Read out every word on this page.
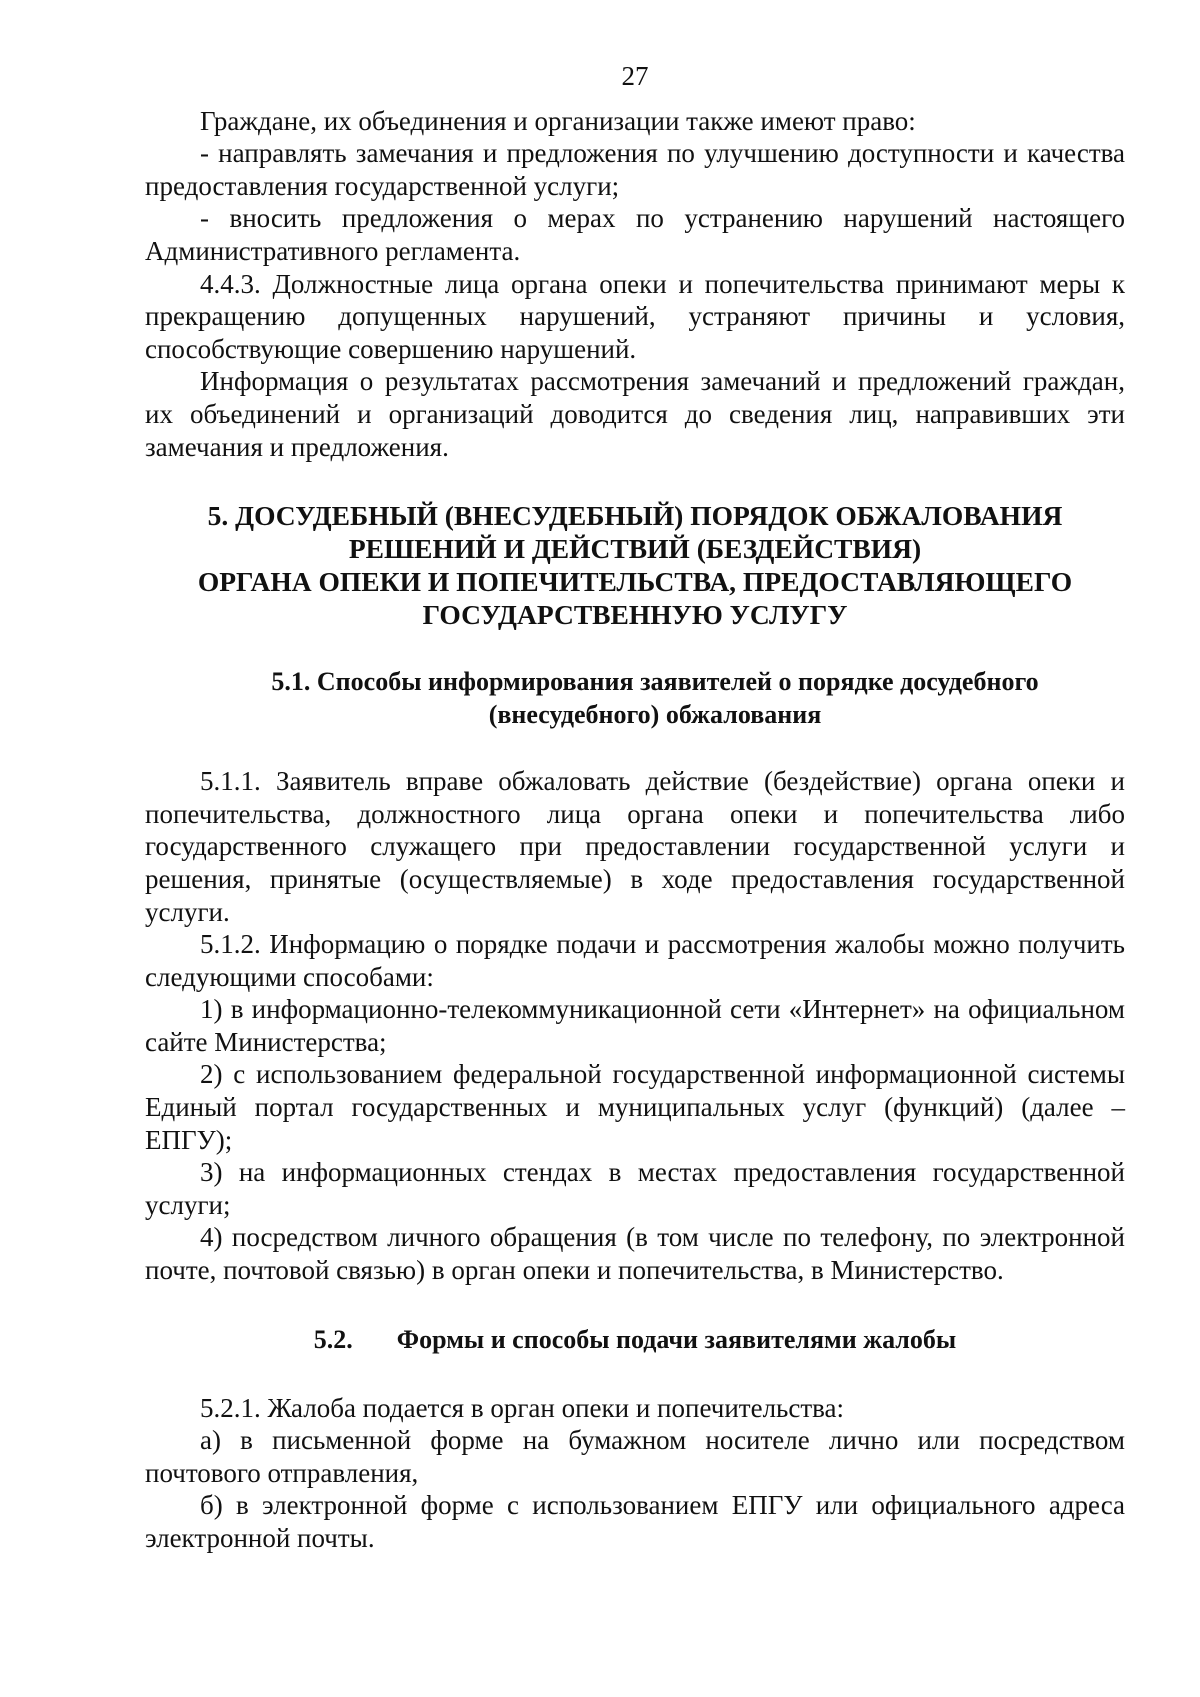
27

Граждане, их объединения и организации также имеют право:

- направлять замечания и предложения по улучшению доступности и качества предоставления государственной услуги;

- вносить предложения о мерах по устранению нарушений настоящего Административного регламента.

4.4.3. Должностные лица органа опеки и попечительства принимают меры к прекращению допущенных нарушений, устраняют причины и условия, способствующие совершению нарушений.

Информация о результатах рассмотрения замечаний и предложений граждан, их объединений и организаций доводится до сведения лиц, направивших эти замечания и предложения.

5. ДОСУДЕБНЫЙ (ВНЕСУДЕБНЫЙ) ПОРЯДОК ОБЖАЛОВАНИЯ
РЕШЕНИЙ И ДЕЙСТВИЙ (БЕЗДЕЙСТВИЯ)
ОРГАНА ОПЕКИ И ПОПЕЧИТЕЛЬСТВА, ПРЕДОСТАВЛЯЮЩЕГО
ГОСУДАРСТВЕННУЮ УСЛУГУ
5.1. Способы информирования заявителей о порядке досудебного
(внесудебного) обжалования

5.1.1. Заявитель вправе обжаловать действие (бездействие) органа опеки и попечительства, должностного лица органа опеки и попечительства либо государственного служащего при предоставлении государственной услуги и решения, принятые (осуществляемые) в ходе предоставления государственной услуги.

5.1.2. Информацию о порядке подачи и рассмотрения жалобы можно получить следующими способами:

1) в информационно-телекоммуникационной сети «Интернет» на официальном сайте Министерства;

2) с использованием федеральной государственной информационной системы Единый портал государственных и муниципальных услуг (функций) (далее – ЕПГУ);

3) на информационных стендах в местах предоставления государственной услуги;

4) посредством личного обращения (в том числе по телефону, по электронной почте, почтовой связью) в орган опеки и попечительства, в Министерство.

5.2. Формы и способы подачи заявителями жалобы

5.2.1. Жалоба подается в орган опеки и попечительства:

а) в письменной форме на бумажном носителе лично или посредством почтового отправления,

б) в электронной форме с использованием ЕПГУ или официального адреса электронной почты.
